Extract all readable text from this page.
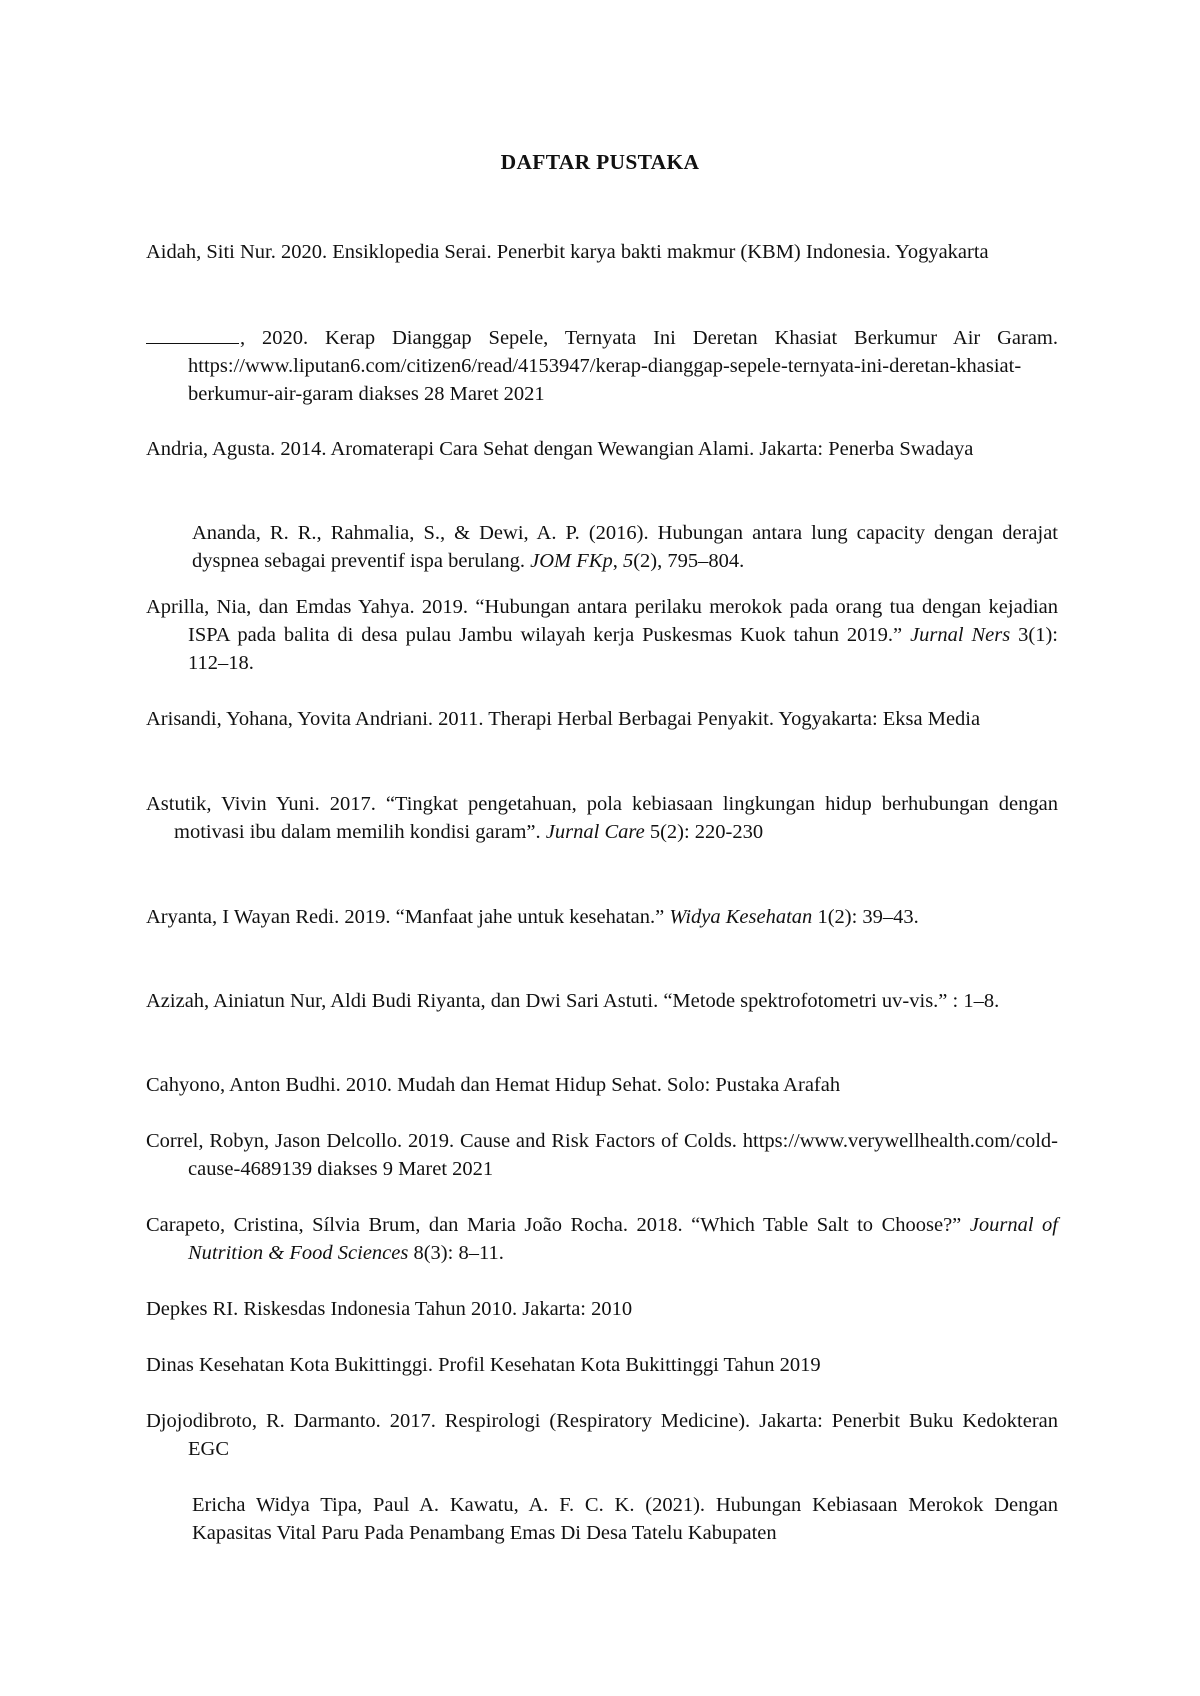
DAFTAR PUSTAKA
Aidah, Siti Nur. 2020. Ensiklopedia Serai. Penerbit karya bakti makmur (KBM) Indonesia. Yogyakarta
, 2020. Kerap Dianggap Sepele, Ternyata Ini Deretan Khasiat Berkumur Air Garam. https://www.liputan6.com/citizen6/read/4153947/kerap-dianggap-sepele-ternyata-ini-deretan-khasiat-berkumur-air-garam diakses 28 Maret 2021
Andria, Agusta. 2014. Aromaterapi Cara Sehat dengan Wewangian Alami. Jakarta: Penerba Swadaya
Ananda, R. R., Rahmalia, S., & Dewi, A. P. (2016). Hubungan antara lung capacity dengan derajat dyspnea sebagai preventif ispa berulang. JOM FKp, 5(2), 795–804.
Aprilla, Nia, dan Emdas Yahya. 2019. “Hubungan antara perilaku merokok pada orang tua dengan kejadian ISPA pada balita di desa pulau Jambu wilayah kerja Puskesmas Kuok tahun 2019.” Jurnal Ners 3(1): 112–18.
Arisandi, Yohana, Yovita Andriani. 2011. Therapi Herbal Berbagai Penyakit. Yogyakarta: Eksa Media
Astutik, Vivin Yuni. 2017. “Tingkat pengetahuan, pola kebiasaan lingkungan hidup berhubungan dengan motivasi ibu dalam memilih kondisi garam”. Jurnal Care 5(2): 220-230
Aryanta, I Wayan Redi. 2019. “Manfaat jahe untuk kesehatan.” Widya Kesehatan 1(2): 39–43.
Azizah, Ainiatun Nur, Aldi Budi Riyanta, dan Dwi Sari Astuti. “Metode spektrofotometri uv-vis.” : 1–8.
Cahyono, Anton Budhi. 2010. Mudah dan Hemat Hidup Sehat. Solo: Pustaka Arafah
Correl, Robyn, Jason Delcollo. 2019. Cause and Risk Factors of Colds. https://www.verywellhealth.com/cold-cause-4689139 diakses 9 Maret 2021
Carapeto, Cristina, Sílvia Brum, dan Maria João Rocha. 2018. “Which Table Salt to Choose?” Journal of Nutrition & Food Sciences 8(3): 8–11.
Depkes RI. Riskesdas Indonesia Tahun 2010. Jakarta: 2010
Dinas Kesehatan Kota Bukittinggi. Profil Kesehatan Kota Bukittinggi Tahun 2019
Djojodibroto, R. Darmanto. 2017. Respirologi (Respiratory Medicine). Jakarta: Penerbit Buku Kedokteran EGC
Ericha Widya Tipa, Paul A. Kawatu, A. F. C. K. (2021). Hubungan Kebiasaan Merokok Dengan Kapasitas Vital Paru Pada Penambang Emas Di Desa Tatelu Kabupaten
